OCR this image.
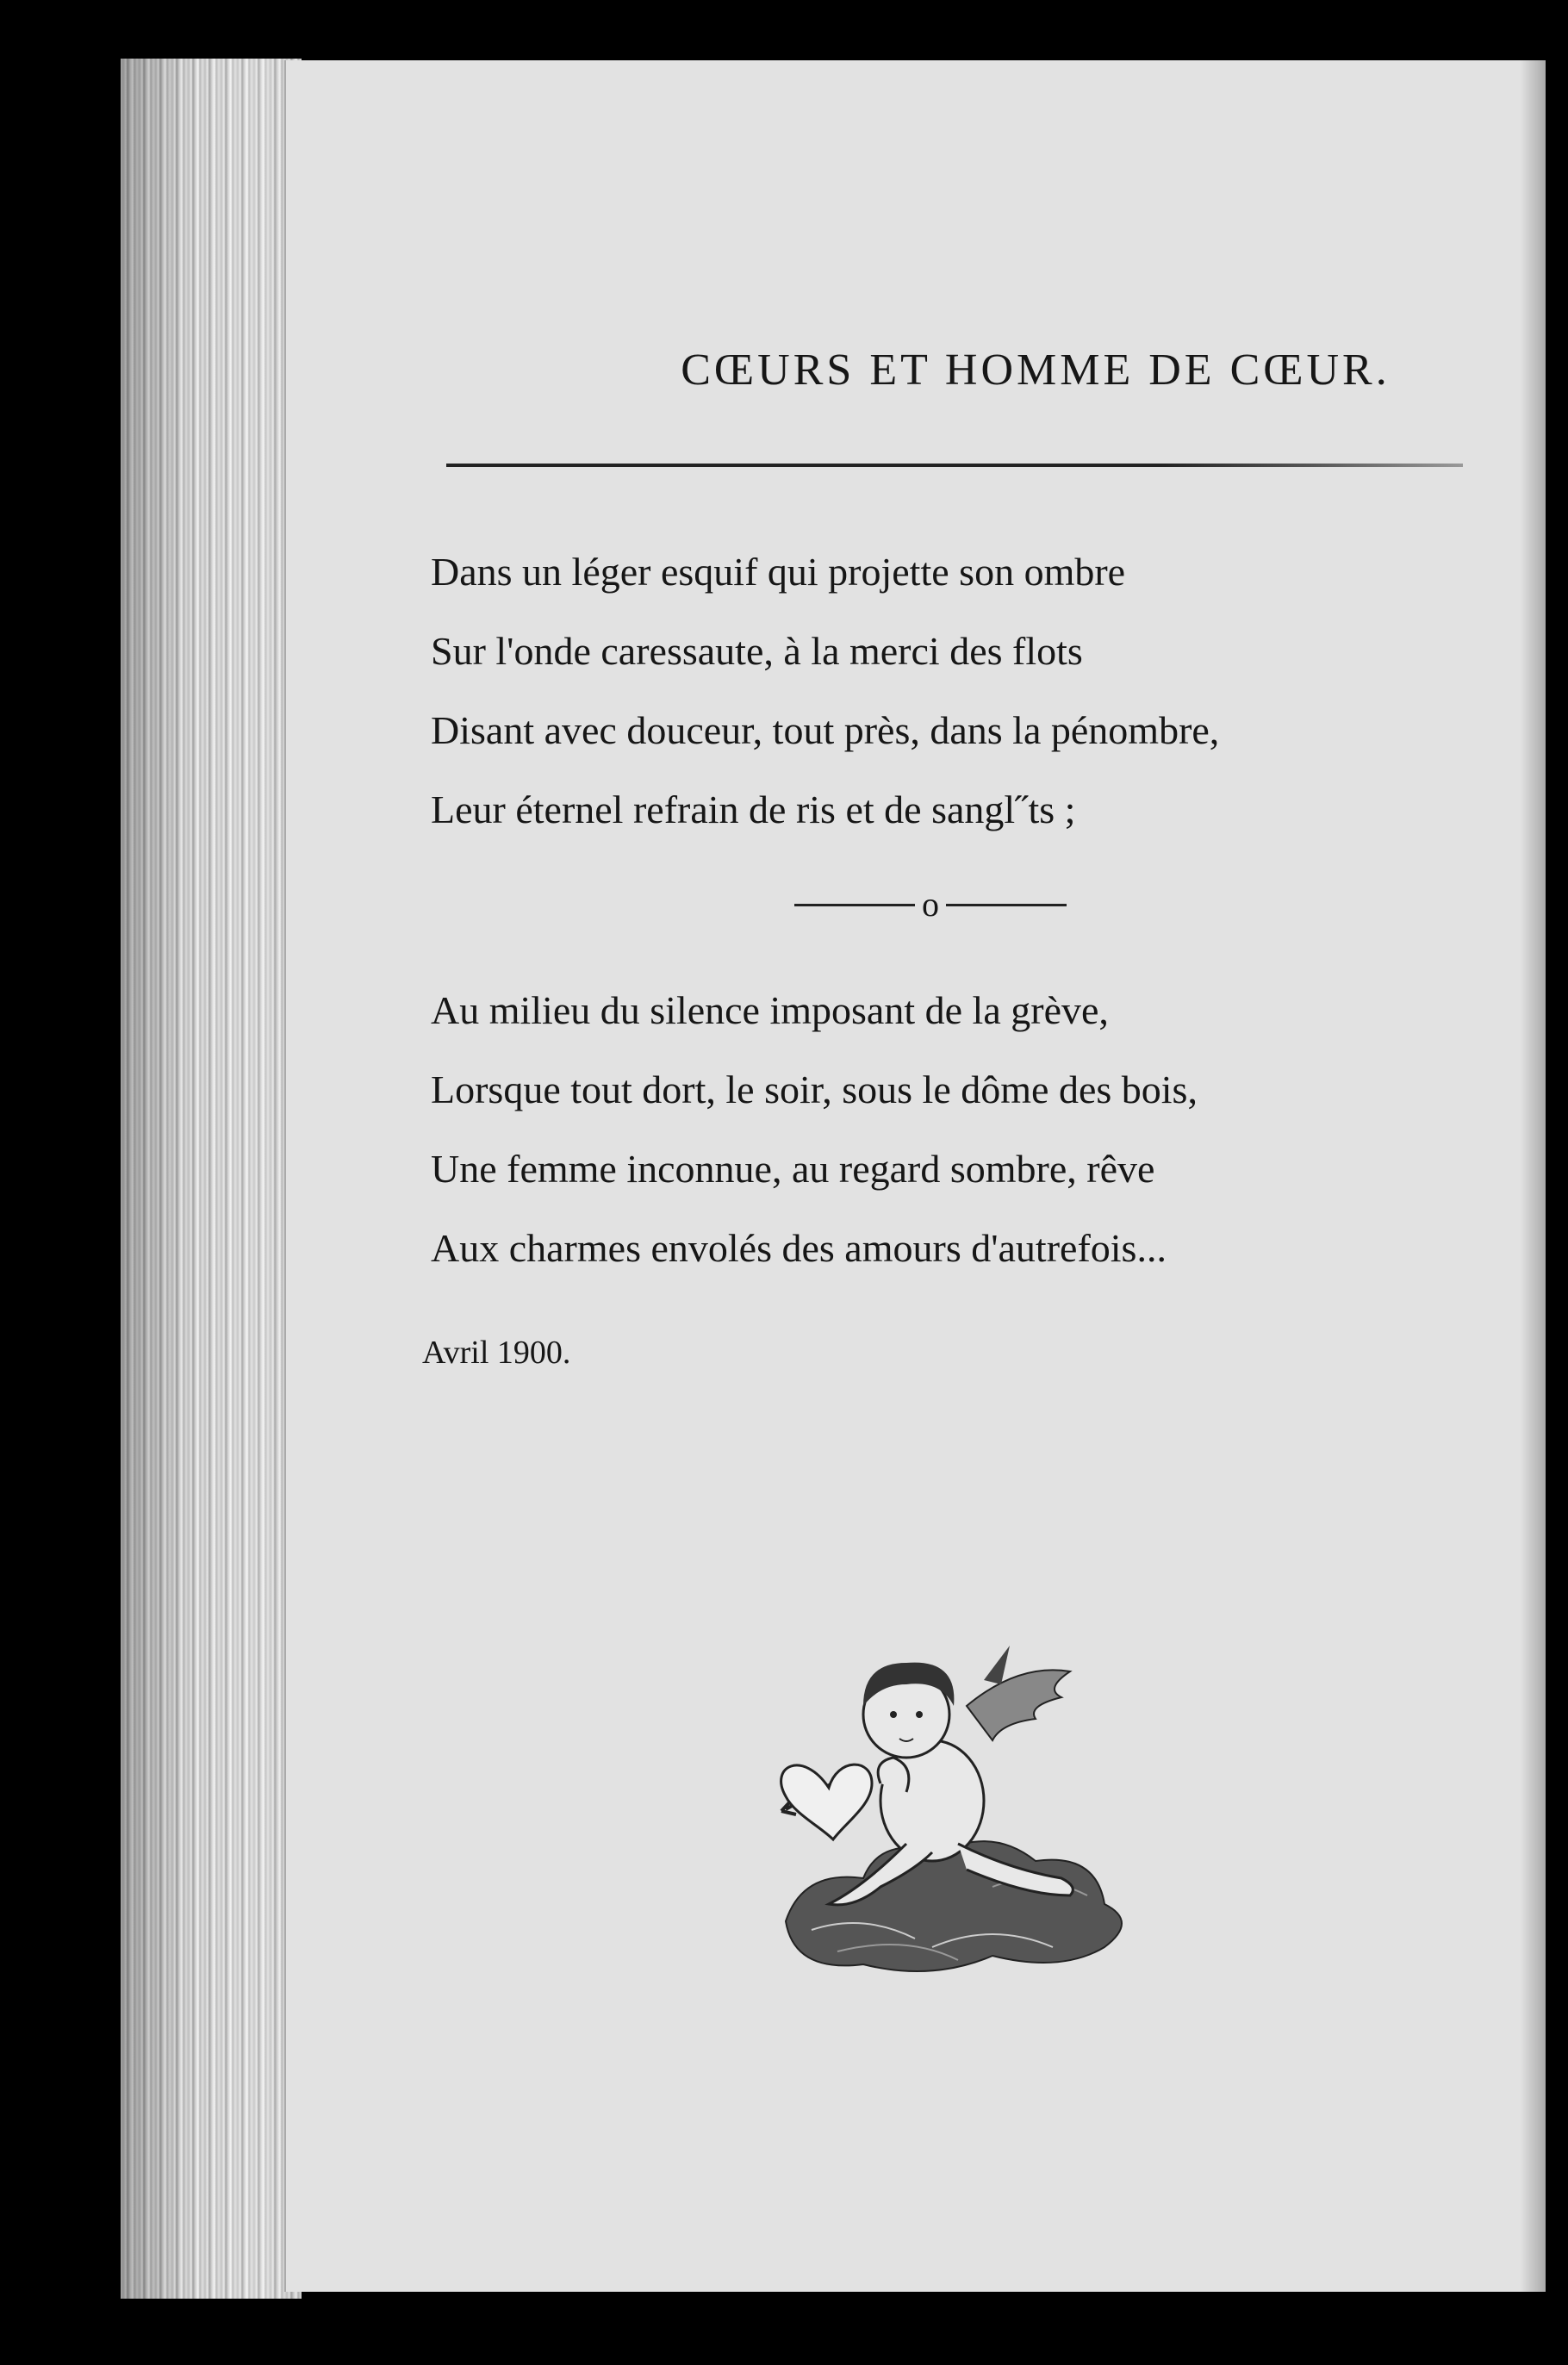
CŒURS ET HOMME DE CŒUR.
Dans un léger esquif qui projette son ombre
Sur l'onde caressaute, à la merci des flots
Disant avec douceur, tout près, dans la pénombre,
Leur éternel refrain de ris et de sangl˝ts ;
o
Au milieu du silence imposant de la grève,
Lorsque tout dort, le soir, sous le dôme des bois,
Une femme inconnue, au regard sombre, rêve
Aux charmes envolés des amours d'autrefois...
Avril 1900.
